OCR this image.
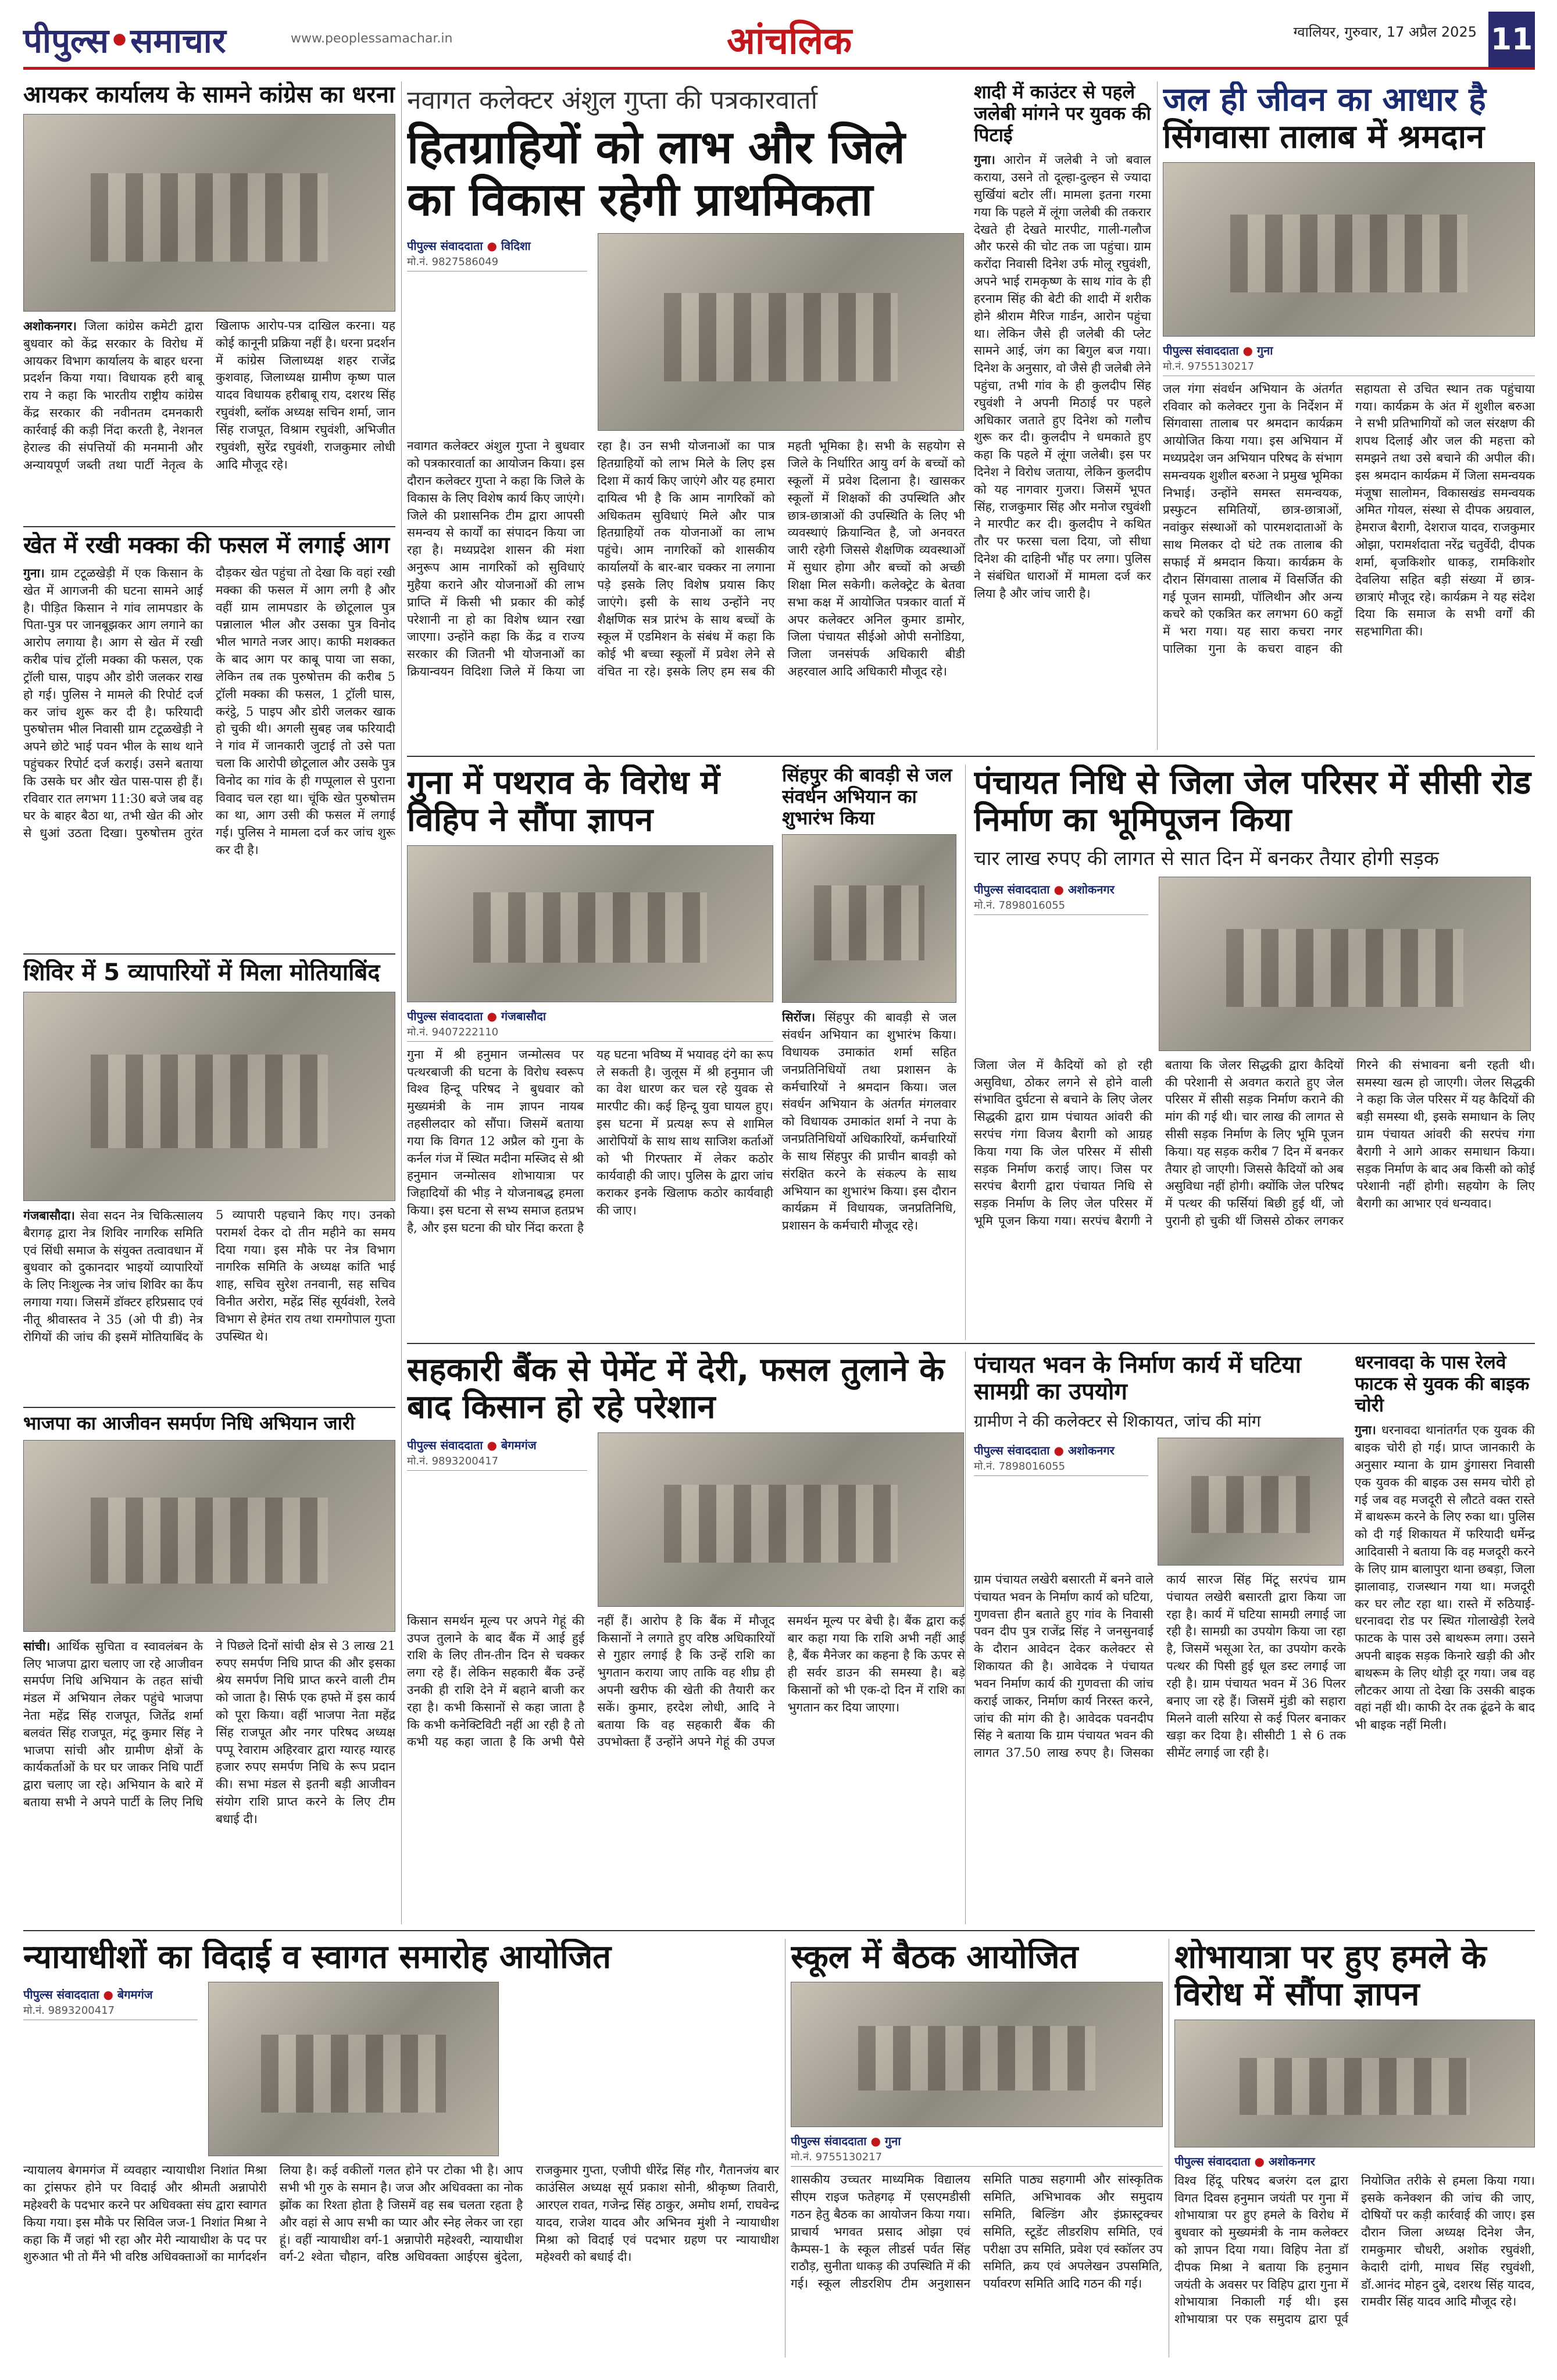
पीपुल्स•समाचार	www.peoplessamachar.in	आंचलिक	ग्वालियर, गुरुवार, 17 अप्रैल 2025 11
आयकर कार्यालय के सामने कांग्रेस का धरना
अशोकनगर। जिला कांग्रेस कमेटी द्वारा बुधवार को केंद्र सरकार के विरोध में आयकर विभाग कार्यालय के बाहर धरना प्रदर्शन किया गया। विधायक हरी बाबू राय ने कहा कि भारतीय राष्ट्रीय कांग्रेस केंद्र सरकार की नवीनतम दमनकारी कार्रवाई की कड़ी निंदा करती है, नेशनल हेराल्ड की संपत्तियों की मनमानी और अन्यायपूर्ण जब्ती तथा पार्टी नेतृत्व के खिलाफ आरोप-पत्र दाखिल करना। यह कोई कानूनी प्रक्रिया नहीं है। धरना प्रदर्शन में कांग्रेस जिलाध्यक्ष शहर राजेंद्र कुशवाह, जिलाध्यक्ष ग्रामीण कृष्ण पाल यादव विधायक हरीबाबू राय, दशरथ सिंह रघुवंशी, ब्लॉक अध्यक्ष सचिन शर्मा, जान सिंह राजपूत, विश्राम रघुवंशी, अभिजीत रघुवंशी, सुरेंद्र रघुवंशी, राजकुमार लोधी आदि मौजूद रहे।
खेत में रखी मक्का की फसल में लगाई आग
गुना। ग्राम टटूळखेड़ी में एक किसान के खेत में आगजनी की घटना सामने आई है। पीड़ित किसान ने गांव लामपडार के पिता-पुत्र पर जानबूझकर आग लगाने का आरोप लगाया है। आग से खेत में रखी करीब पांच ट्रॉली मक्का की फसल, एक ट्रॉली घास, पाइप और डोरी जलकर राख हो गई। पुलिस ने मामले की रिपोर्ट दर्ज कर जांच शुरू कर दी है। फरियादी पुरुषोत्तम भील निवासी ग्राम टटूळखेड़ी ने अपने छोटे भाई पवन भील के साथ थाने पहुंचकर रिपोर्ट दर्ज कराई। उसने बताया कि उसके घर और खेत पास-पास ही हैं। रविवार रात लगभग 11:30 बजे जब वह घर के बाहर बैठा था, तभी खेत की ओर से धुआं उठता दिखा। पुरुषोत्तम तुरंत दौड़कर खेत पहुंचा तो देखा कि वहां रखी मक्का की फसल में आग लगी है और वहीं ग्राम लामपडार के छोटूलाल पुत्र पन्नालाल भील और उसका पुत्र विनोद भील भागते नजर आए। काफी मशक्कत के बाद आग पर काबू पाया जा सका, लेकिन तब तक पुरुषोत्तम की करीब 5 ट्रॉली मक्का की फसल, 1 ट्रॉली घास, करंट्ठे, 5 पाइप और डोरी जलकर खाक हो चुकी थी। अगली सुबह जब फरियादी ने गांव में जानकारी जुटाई तो उसे पता चला कि आरोपी छोटूलाल और उसके पुत्र विनोद का गांव के ही गप्पूलाल से पुराना विवाद चल रहा था। चूंकि खेत पुरुषोत्तम का था, आग उसी की फसल में लगाई गई। पुलिस ने मामला दर्ज कर जांच शुरू कर दी है।
शिविर में 5 व्यापारियों में मिला मोतियाबिंद
गंजबासौदा। सेवा सदन नेत्र चिकित्सालय बैरागढ़ द्वारा नेत्र शिविर नागरिक समिति एवं सिंधी समाज के संयुक्त तत्वावधान में बुधवार को दुकानदार भाइयों व्यापारियों के लिए निःशुल्क नेत्र जांच शिविर का कैंप लगाया गया। जिसमें डॉक्टर हरिप्रसाद एवं नीतू श्रीवास्तव ने 35 (ओ पी डी) नेत्र रोगियों की जांच की इसमें मोतियाबिंद के 5 व्यापारी पहचाने किए गए। उनको परामर्श देकर दो तीन महीने का समय दिया गया। इस मौके पर नेत्र विभाग नागरिक समिति के अध्यक्ष कांति भाई शाह, सचिव सुरेश तनवानी, सह सचिव विनीत अरोरा, महेंद्र सिंह सूर्यवंशी, रेलवे विभाग से हेमंत राय तथा रामगोपाल गुप्ता उपस्थित थे।
भाजपा का आजीवन समर्पण निधि अभियान जारी
सांची। आर्थिक सुचिता व स्वावलंबन के लिए भाजपा द्वारा चलाए जा रहे आजीवन समर्पण निधि अभियान के तहत सांची मंडल में अभियान लेकर पहुंचे भाजपा नेता महेंद्र सिंह राजपूत, जितेंद्र शर्मा बलवंत सिंह राजपूत, मंटू कुमार सिंह ने भाजपा सांची और ग्रामीण क्षेत्रों के कार्यकर्ताओं के घर घर जाकर निधि पार्टी द्वारा चलाए जा रहे। अभियान के बारे में बताया सभी ने अपने पार्टी के लिए निधि ने पिछले दिनों सांची क्षेत्र से 3 लाख 21 रुपए समर्पण निधि प्राप्त की और इसका श्रेय समर्पण निधि प्राप्त करने वाली टीम को जाता है। सिर्फ एक हफ्ते में इस कार्य को पूरा किया। वहीं भाजपा नेता महेंद्र सिंह राजपूत और नगर परिषद अध्यक्ष पप्पू रेवाराम अहिरवार द्वारा ग्यारह ग्यारह हजार रुपए समर्पण निधि के रूप प्रदान की। सभा मंडल से इतनी बड़ी आजीवन संयोग राशि प्राप्त करने के लिए टीम बधाई दी।
नवागत कलेक्टर अंशुल गुप्ता की पत्रकारवार्ता
हितग्राहियों को लाभ और जिले का विकास रहेगी प्राथमिकता
पीपुल्स संवाददाता ● विदिशा
मो.नं. 9827586049
नवागत कलेक्टर अंशुल गुप्ता ने बुधवार को पत्रकारवार्ता का आयोजन किया। इस दौरान कलेक्टर गुप्ता ने कहा कि जिले के विकास के लिए विशेष कार्य किए जाएंगे। जिले की प्रशासनिक टीम द्वारा आपसी समन्वय से कार्यों का संपादन किया जा रहा है। मध्यप्रदेश शासन की मंशा अनुरूप आम नागरिकों को सुविधाएं मुहैया कराने और योजनाओं की लाभ प्राप्ति में किसी भी प्रकार की कोई परेशानी ना हो का विशेष ध्यान रखा जाएगा। उन्होंने कहा कि केंद्र व राज्य सरकार की जितनी भी योजनाओं का क्रियान्वयन विदिशा जिले में किया जा रहा है। उन सभी योजनाओं का पात्र हितग्राहियों को लाभ मिले के लिए इस दिशा में कार्य किए जाएंगे और यह हमारा दायित्व भी है कि आम नागरिकों को अधिकतम सुविधाएं मिले और पात्र हितग्राहियों तक योजनाओं का लाभ पहुंचे। आम नागरिकों को शासकीय कार्यालयों के बार-बार चक्कर ना लगाना पड़े इसके लिए विशेष प्रयास किए जाएंगे। इसी के साथ उन्होंने नए शैक्षणिक सत्र प्रारंभ के साथ बच्चों के स्कूल में एडमिशन के संबंध में कहा कि कोई भी बच्चा स्कूलों में प्रवेश लेने से वंचित ना रहे। इसके लिए हम सब की महती भूमिका है। सभी के सहयोग से जिले के निर्धारित आयु वर्ग के बच्चों को स्कूलों में प्रवेश दिलाना है। खासकर स्कूलों में शिक्षकों की उपस्थिति और छात्र-छात्राओं की उपस्थिति के लिए भी व्यवस्थाएं क्रियान्वित है, जो अनवरत जारी रहेगी जिससे शैक्षणिक व्यवस्थाओं में सुधार होगा और बच्चों को अच्छी शिक्षा मिल सकेगी। कलेक्ट्रेट के बेतवा सभा कक्ष में आयोजित पत्रकार वार्ता में अपर कलेक्टर अनिल कुमार डामोर, जिला पंचायत सीईओ ओपी सनोडिया, जिला जनसंपर्क अधिकारी बीडी अहरवाल आदि अधिकारी मौजूद रहे।
शादी में काउंटर से पहले जलेबी मांगने पर युवक की पिटाई
गुना। आरोन में जलेबी ने जो बवाल कराया, उसने तो दूल्हा-दुल्हन से ज्यादा सुर्खियां बटोर लीं। मामला इतना गरमा गया कि पहले में लूंगा जलेबी की तकरार देखते ही देखते मारपीट, गाली-गलौज और फरसे की चोट तक जा पहुंचा। ग्राम करोंदा निवासी दिनेश उर्फ मोलू रघुवंशी, अपने भाई रामकृष्ण के साथ गांव के ही हरनाम सिंह की बेटी की शादी में शरीक होने श्रीराम मैरिज गार्डन, आरोन पहुंचा था। लेकिन जैसे ही जलेबी की प्लेट सामने आई, जंग का बिगुल बज गया। दिनेश के अनुसार, वो जैसे ही जलेबी लेने पहुंचा, तभी गांव के ही कुलदीप सिंह रघुवंशी ने अपनी मिठाई पर पहले अधिकार जताते हुए दिनेश को गलौच शुरू कर दी। कुलदीप ने धमकाते हुए कहा कि पहले में लूंगा जलेबी। इस पर दिनेश ने विरोध जताया, लेकिन कुलदीप को यह नागवार गुजरा। जिसमें भूपत सिंह, राजकुमार सिंह और मनोज रघुवंशी ने मारपीट कर दी। कुलदीप ने कथित तौर पर फरसा चला दिया, जो सीधा दिनेश की दाहिनी भौंह पर लगा। पुलिस ने संबंधित धाराओं में मामला दर्ज कर लिया है और जांच जारी है।
जल ही जीवन का आधार है
सिंगवासा तालाब में श्रमदान
पीपुल्स संवाददाता ● गुना
मो.नं. 9755130217
जल गंगा संवर्धन अभियान के अंतर्गत रविवार को कलेक्टर गुना के निर्देशन में सिंगवासा तालाब पर श्रमदान कार्यक्रम आयोजित किया गया। इस अभियान में मध्यप्रदेश जन अभियान परिषद के संभाग समन्वयक शुशील बरुआ ने प्रमुख भूमिका निभाई। उन्होंने समस्त समन्वयक, प्रस्फुटन समितियों, छात्र-छात्राओं, नवांकुर संस्थाओं को पारमशदाताओं के साथ मिलकर दो घंटे तक तालाब की सफाई में श्रमदान किया। कार्यक्रम के दौरान सिंगवासा तालाब में विसर्जित की गई पूजन सामग्री, पॉलिथीन और अन्य कचरे को एकत्रित कर लगभग 60 कट्टों में भरा गया। यह सारा कचरा नगर पालिका गुना के कचरा वाहन की सहायता से उचित स्थान तक पहुंचाया गया। कार्यक्रम के अंत में शुशील बरुआ ने सभी प्रतिभागियों को जल संरक्षण की शपथ दिलाई और जल की महत्ता को समझने तथा उसे बचाने की अपील की। इस श्रमदान कार्यक्रम में जिला समन्वयक मंजूषा सालोमन, विकासखंड समन्वयक अमित गोयल, संस्था से दीपक अग्रवाल, हेमराज बैरागी, देशराज यादव, राजकुमार ओझा, परामर्शदाता नरेंद्र चतुर्वेदी, दीपक शर्मा, बृजकिशोर धाकड़, रामकिशोर देवलिया सहित बड़ी संख्या में छात्र-छात्राएं मौजूद रहे। कार्यक्रम ने यह संदेश दिया कि समाज के सभी वर्गों की सहभागिता की।
गुना में पथराव के विरोध में विहिप ने सौंपा ज्ञापन
पीपुल्स संवाददाता ● गंजबासौदा
मो.नं. 9407222110
गुना में श्री हनुमान जन्मोत्सव पर पत्थरबाजी की घटना के विरोध स्वरूप विश्व हिन्दू परिषद ने बुधवार को मुख्यमंत्री के नाम ज्ञापन नायब तहसीलदार को सौंपा। जिसमें बताया गया कि विगत 12 अप्रैल को गुना के कर्नल गंज में स्थित मदीना मस्जिद से श्री हनुमान जन्मोत्सव शोभायात्रा पर जिहादियों की भीड़ ने योजनाबद्ध हमला किया। इस घटना से सभ्य समाज हतप्रभ है, और इस घटना की घोर निंदा करता है यह घटना भविष्य में भयावह दंगे का रूप ले सकती है। जुलूस में श्री हनुमान जी का वेश धारण कर चल रहे युवक से मारपीट की। कई हिन्दू युवा घायल हुए। इस घटना में प्रत्यक्ष रूप से शामिल आरोपियों के साथ साथ साजिश कर्ताओं को भी गिरफ्तार में लेकर कठोर कार्यवाही की जाए। पुलिस के द्वारा जांच कराकर इनके खिलाफ कठोर कार्यवाही की जाए।
सिंहपुर की बावड़ी से जल संवर्धन अभियान का शुभारंभ किया
सिरोंज। सिंहपुर की बावड़ी से जल संवर्धन अभियान का शुभारंभ किया। विधायक उमाकांत शर्मा सहित जनप्रतिनिधियों तथा प्रशासन के कर्मचारियों ने श्रमदान किया। जल संवर्धन अभियान के अंतर्गत मंगलवार को विधायक उमाकांत शर्मा ने नपा के जनप्रतिनिधियों अधिकारियों, कर्मचारियों के साथ सिंहपुर की प्राचीन बावड़ी को संरक्षित करने के संकल्प के साथ अभियान का शुभारंभ किया। इस दौरान कार्यक्रम में विधायक, जनप्रतिनिधि, प्रशासन के कर्मचारी मौजूद रहे।
पंचायत निधि से जिला जेल परिसर में सीसी रोड निर्माण का भूमिपूजन किया
चार लाख रुपए की लागत से सात दिन में बनकर तैयार होगी सड़क
पीपुल्स संवाददाता ● अशोकनगर
मो.नं. 7898016055
जिला जेल में कैदियों को हो रही असुविधा, ठोकर लगने से होने वाली संभावित दुर्घटना से बचाने के लिए जेलर सिद्धकी द्वारा ग्राम पंचायत आंवरी की सरपंच गंगा विजय बैरागी को आग्रह किया गया कि जेल परिसर में सीसी सड़क निर्माण कराई जाए। जिस पर सरपंच बैरागी द्वारा पंचायत निधि से सड़क निर्माण के लिए जेल परिसर में भूमि पूजन किया गया। सरपंच बैरागी ने बताया कि जेलर सिद्धकी द्वारा कैदियों की परेशानी से अवगत कराते हुए जेल परिसर में सीसी सड़क निर्माण कराने की मांग की गई थी। चार लाख की लागत से सीसी सड़क निर्माण के लिए भूमि पूजन किया। यह सड़क करीब 7 दिन में बनकर तैयार हो जाएगी। जिससे कैदियों को अब असुविधा नहीं होगी। क्योंकि जेल परिषद में पत्थर की फर्सियां बिछी हुई थीं, जो पुरानी हो चुकी थीं जिससे ठोकर लगकर गिरने की संभावना बनी रहती थी। समस्या खत्म हो जाएगी। जेलर सिद्धकी ने कहा कि जेल परिसर में यह कैदियों की बड़ी समस्या थी, इसके समाधान के लिए ग्राम पंचायत आंवरी की सरपंच गंगा बैरागी ने आगे आकर समाधान किया। सड़क निर्माण के बाद अब किसी को कोई परेशानी नहीं होगी। सहयोग के लिए बैरागी का आभार एवं धन्यवाद।
सहकारी बैंक से पेमेंट में देरी, फसल तुलाने के बाद किसान हो रहे परेशान
पीपुल्स संवाददाता ● बेगमगंज
मो.नं. 9893200417
किसान समर्थन मूल्य पर अपने गेहूं की उपज तुलाने के बाद बैंक में आई हुई राशि के लिए तीन-तीन दिन से चक्कर लगा रहे हैं। लेकिन सहकारी बैंक उन्हें उनकी ही राशि देने में बहाने बाजी कर रहा है। कभी किसानों से कहा जाता है कि कभी कनेक्टिविटी नहीं आ रही है तो कभी यह कहा जाता है कि अभी पैसे नहीं हैं। आरोप है कि बैंक में मौजूद किसानों ने लगाते हुए वरिष्ठ अधिकारियों से गुहार लगाई है कि उन्हें राशि का भुगतान कराया जाए ताकि वह शीघ्र ही अपनी खरीफ की खेती की तैयारी कर सकें। कुमार, हरदेश लोधी, आदि ने बताया कि वह सहकारी बैंक की उपभोक्ता हैं उन्होंने अपने गेहूं की उपज समर्थन मूल्य पर बेची है। बैंक द्वारा कई बार कहा गया कि राशि अभी नहीं आई है, बैंक मैनेजर का कहना है कि ऊपर से ही सर्वर डाउन की समस्या है। बड़े किसानों को भी एक-दो दिन में राशि का भुगतान कर दिया जाएगा।
पंचायत भवन के निर्माण कार्य में घटिया सामग्री का उपयोग
ग्रामीण ने की कलेक्टर से शिकायत, जांच की मांग
पीपुल्स संवाददाता ● अशोकनगर
मो.नं. 7898016055
ग्राम पंचायत लखेरी बसारती में बनने वाले पंचायत भवन के निर्माण कार्य को घटिया, गुणवत्ता हीन बताते हुए गांव के निवासी पवन दीप पुत्र राजेंद्र सिंह ने जनसुनवाई के दौरान आवेदन देकर कलेक्टर से शिकायत की है। आवेदक ने पंचायत भवन निर्माण कार्य की गुणवत्ता की जांच कराई जाकर, निर्माण कार्य निरस्त करने, जांच की मांग की है। आवेदक पवनदीप सिंह ने बताया कि ग्राम पंचायत भवन की लागत 37.50 लाख रुपए है। जिसका कार्य सारज सिंह मिंटू सरपंच ग्राम पंचायत लखेरी बसारती द्वारा किया जा रहा है। कार्य में घटिया सामग्री लगाई जा रही है। सामग्री का उपयोग किया जा रहा है, जिसमें भसूआ रेत, का उपयोग करके पत्थर की पिसी हुई धूल डस्ट लगाई जा रही है। ग्राम पंचायत भवन में 36 पिलर बनाए जा रहे हैं। जिसमें मुंडी को सहारा मिलने वाली सरिया से कई पिलर बनाकर खड़ा कर दिया है। सीसीटी 1 से 6 तक सीमेंट लगाई जा रही है।
धरनावदा के पास रेलवे फाटक से युवक की बाइक चोरी
गुना। धरनावदा थानांतर्गत एक युवक की बाइक चोरी हो गई। प्राप्त जानकारी के अनुसार म्याना के ग्राम डुंगासरा निवासी एक युवक की बाइक उस समय चोरी हो गई जब वह मजदूरी से लौटते वक्त रास्ते में बाथरूम करने के लिए रुका था। पुलिस को दी गई शिकायत में फरियादी धर्मेन्द्र आदिवासी ने बताया कि वह मजदूरी करने के लिए ग्राम बालापुरा थाना छबड़ा, जिला झालावाड़, राजस्थान गया था। मजदूरी कर घर लौट रहा था। रास्ते में रुठियाई-धरनावदा रोड पर स्थित गोलाखेड़ी रेलवे फाटक के पास उसे बाथरूम लगा। उसने अपनी बाइक सड़क किनारे खड़ी की और बाथरूम के लिए थोड़ी दूर गया। जब वह लौटकर आया तो देखा कि उसकी बाइक वहां नहीं थी। काफी देर तक ढूंढने के बाद भी बाइक नहीं मिली।
न्यायाधीशों का विदाई व स्वागत समारोह आयोजित
पीपुल्स संवाददाता ● बेगमगंज
मो.नं. 9893200417
न्यायालय बेगमगंज में व्यवहार न्यायाधीश निशांत मिश्रा का ट्रांसफर होने पर विदाई और श्रीमती अन्नापोरी महेश्वरी के पदभार करने पर अधिवक्ता संघ द्वारा स्वागत किया गया। इस मौके पर सिविल जज-1 निशांत मिश्रा ने कहा कि मैं जहां भी रहा और मेरी न्यायाधीश के पद पर शुरुआत भी तो मैंने भी वरिष्ठ अधिवक्ताओं का मार्गदर्शन लिया है। कई वकीलों गलत होने पर टोका भी है। आप सभी भी गुरु के समान है। जज और अधिवक्ता का नोक झोंक का रिश्ता होता है जिसमें वह सब चलता रहता है और वहां से आप सभी का प्यार और स्नेह लेकर जा रहा हूं। वहीं न्यायाधीश वर्ग-1 अन्नापोरी महेश्वरी, न्यायाधीश वर्ग-2 श्वेता चौहान, वरिष्ठ अधिवक्ता आईएस बुंदेला, राजकुमार गुप्ता, एजीपी धीरेंद्र सिंह गौर, गैतानजंय बार काउंसिल अध्यक्ष सूर्य प्रकाश सोनी, श्रीकृष्ण तिवारी, आरएल रावत, गजेन्द्र सिंह ठाकुर, अमोघ शर्मा, राघवेन्द्र यादव, राजेश यादव और अभिनव मुंशी ने न्यायाधीश मिश्रा को विदाई एवं पदभार ग्रहण पर न्यायाधीश महेश्वरी को बधाई दी।
स्कूल में बैठक आयोजित
पीपुल्स संवाददाता ● गुना
मो.नं. 9755130217
शासकीय उच्चतर माध्यमिक विद्यालय सीएम राइज फतेहगढ़ में एसएमडीसी गठन हेतु बैठक का आयोजन किया गया। प्राचार्य भगवत प्रसाद ओझा एवं कैम्पस-1 के स्कूल लीडर्स पर्वत सिंह राठौड़, सुनीता धाकड़ की उपस्थिति में की गई। स्कूल लीडरशिप टीम अनुशासन समिति पाठ्य सहगामी और सांस्कृतिक समिति, अभिभावक और समुदाय समिति, बिल्डिंग और इंफ्रास्ट्रक्चर समिति, स्टूडेंट लीडरशिप समिति, एवं परीक्षा उप समिति, प्रवेश एवं स्कॉलर उप समिति, क्रय एवं अपलेखन उपसमिति, पर्यावरण समिति आदि गठन की गई।
शोभायात्रा पर हुए हमले के विरोध में सौंपा ज्ञापन
पीपुल्स संवाददाता ● अशोकनगर
विश्व हिंदू परिषद बजरंग दल द्वारा विगत दिवस हनुमान जयंती पर गुना में शोभायात्रा पर हुए हमले के विरोध में बुधवार को मुख्यमंत्री के नाम कलेक्टर को ज्ञापन दिया गया। विहिप नेता डॉ दीपक मिश्रा ने बताया कि हनुमान जयंती के अवसर पर विहिप द्वारा गुना में शोभायात्रा निकाली गई थी। इस शोभायात्रा पर एक समुदाय द्वारा पूर्व नियोजित तरीके से हमला किया गया। इसके कनेक्शन की जांच की जाए, दोषियों पर कड़ी कार्रवाई की जाए। इस दौरान जिला अध्यक्ष दिनेश जैन, रामकुमार चौधरी, अशोक रघुवंशी, केदारी दांगी, माधव सिंह रघुवंशी, डॉ.आनंद मोहन दुबे, दशरथ सिंह यादव, रामवीर सिंह यादव आदि मौजूद रहे।
